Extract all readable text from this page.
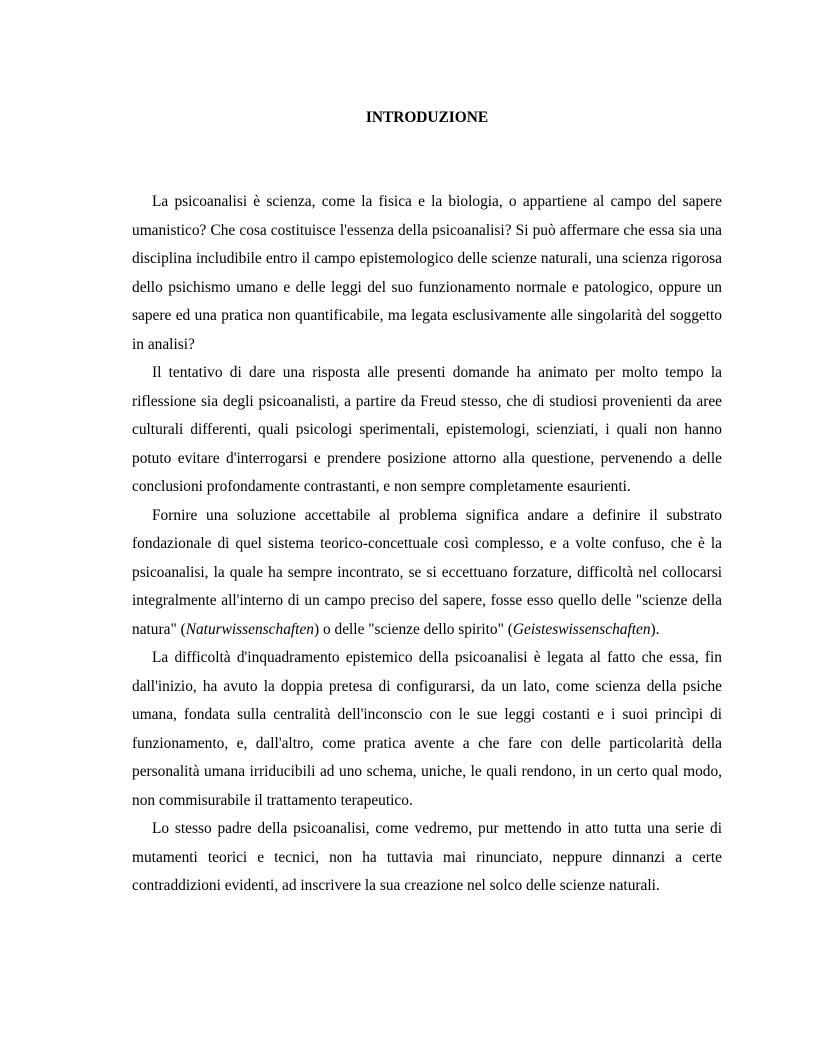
INTRODUZIONE

La psicoanalisi è scienza, come la fisica e la biologia, o appartiene al campo del sapere umanistico? Che cosa costituisce l'essenza della psicoanalisi? Si può affermare che essa sia una disciplina includibile entro il campo epistemologico delle scienze naturali, una scienza rigorosa dello psichismo umano e delle leggi del suo funzionamento normale e patologico, oppure un sapere ed una pratica non quantificabile, ma legata esclusivamente alle singolarità del soggetto in analisi?

Il tentativo di dare una risposta alle presenti domande ha animato per molto tempo la riflessione sia degli psicoanalisti, a partire da Freud stesso, che di studiosi provenienti da aree culturali differenti, quali psicologi sperimentali, epistemologi, scienziati, i quali non hanno potuto evitare d'interrogarsi e prendere posizione attorno alla questione, pervenendo a delle conclusioni profondamente contrastanti, e non sempre completamente esaurienti.

Fornire una soluzione accettabile al problema significa andare a definire il substrato fondazionale di quel sistema teorico-concettuale così complesso, e a volte confuso, che è la psicoanalisi, la quale ha sempre incontrato, se si eccettuano forzature, difficoltà nel collocarsi integralmente all'interno di un campo preciso del sapere, fosse esso quello delle "scienze della natura" (Naturwissenschaften) o delle "scienze dello spirito" (Geisteswissenschaften).

La difficoltà d'inquadramento epistemico della psicoanalisi è legata al fatto che essa, fin dall'inizio, ha avuto la doppia pretesa di configurarsi, da un lato, come scienza della psiche umana, fondata sulla centralità dell'inconscio con le sue leggi costanti e i suoi princìpi di funzionamento, e, dall'altro, come pratica avente a che fare con delle particolarità della personalità umana irriducibili ad uno schema, uniche, le quali rendono, in un certo qual modo, non commisurabile il trattamento terapeutico.

Lo stesso padre della psicoanalisi, come vedremo, pur mettendo in atto tutta una serie di mutamenti teorici e tecnici, non ha tuttavia mai rinunciato, neppure dinnanzi a certe contraddizioni evidenti, ad inscrivere la sua creazione nel solco delle scienze naturali.
